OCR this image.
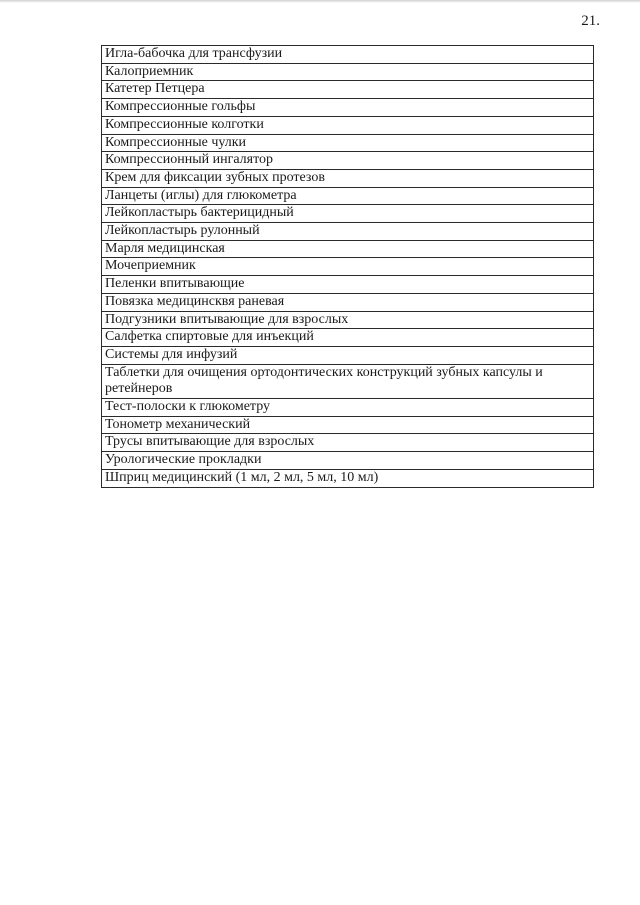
21.
Игла-бабочка для трансфузии
Калоприемник
Катетер Петцера
Компрессионные гольфы
Компрессионные колготки
Компрессионные чулки
Компрессионный ингалятор
Крем для фиксации зубных протезов
Ланцеты (иглы) для глюкометра
Лейкопластырь бактерицидный
Лейкопластырь рулонный
Марля медицинская
Мочеприемник
Пеленки впитывающие
Повязка медицинсквя раневая
Подгузники впитывающие для взрослых
Салфетка спиртовые для инъекций
Системы для инфузий
Таблетки для очищения ортодонтических конструкций зубных капсулы и ретейнеров
Тест-полоски к глюкометру
Тонометр механический
Трусы впитывающие для взрослых
Урологические прокладки
Шприц медицинский (1 мл, 2 мл, 5 мл, 10 мл)
